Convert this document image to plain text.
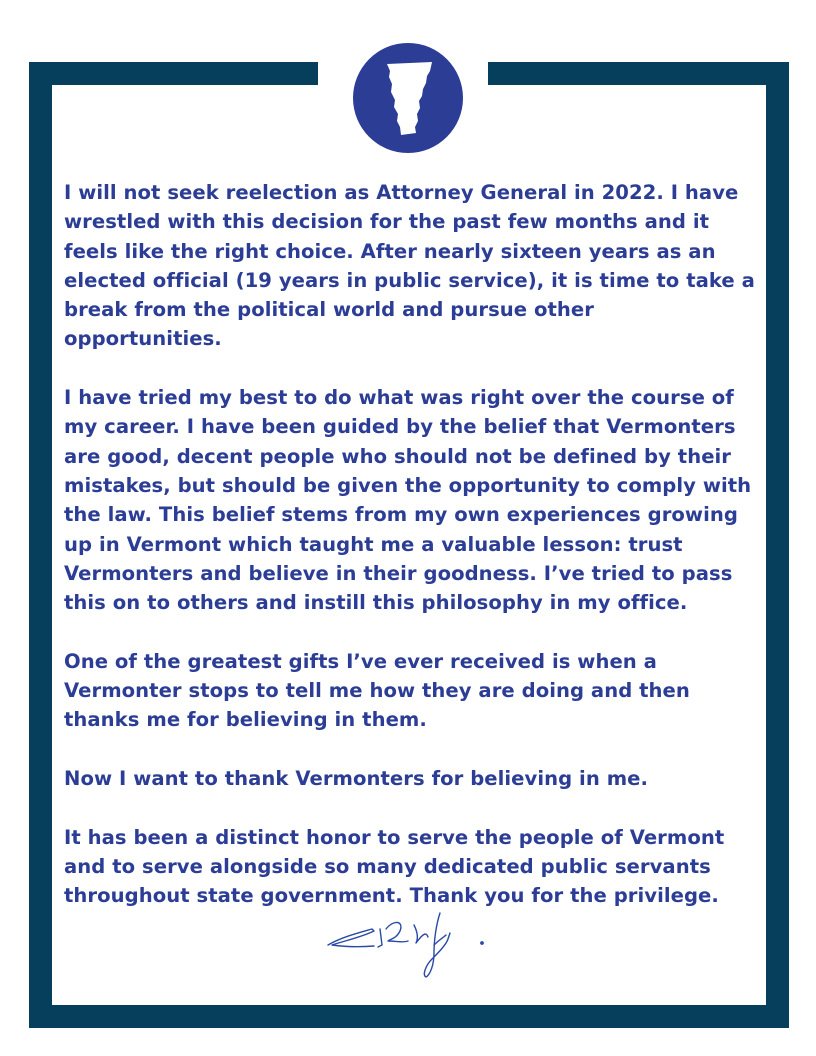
I will not seek reelection as Attorney General in 2022. I have
wrestled with this decision for the past few months and it
feels like the right choice. After nearly sixteen years as an
elected official (19 years in public service), it is time to take a
break from the political world and pursue other opportunities.

I have tried my best to do what was right over the course of
my career. I have been guided by the belief that Vermonters
are good, decent people who should not be defined by their
mistakes, but should be given the opportunity to comply with
the law. This belief stems from my own experiences growing
up in Vermont which taught me a valuable lesson: trust
Vermonters and believe in their goodness. I’ve tried to pass
this on to others and instill this philosophy in my office.

One of the greatest gifts I’ve ever received is when a
Vermonter stops to tell me how they are doing and then
thanks me for believing in them.

Now I want to thank Vermonters for believing in me.

It has been a distinct honor to serve the people of Vermont
and to serve alongside so many dedicated public servants
throughout state government. Thank you for the privilege.
